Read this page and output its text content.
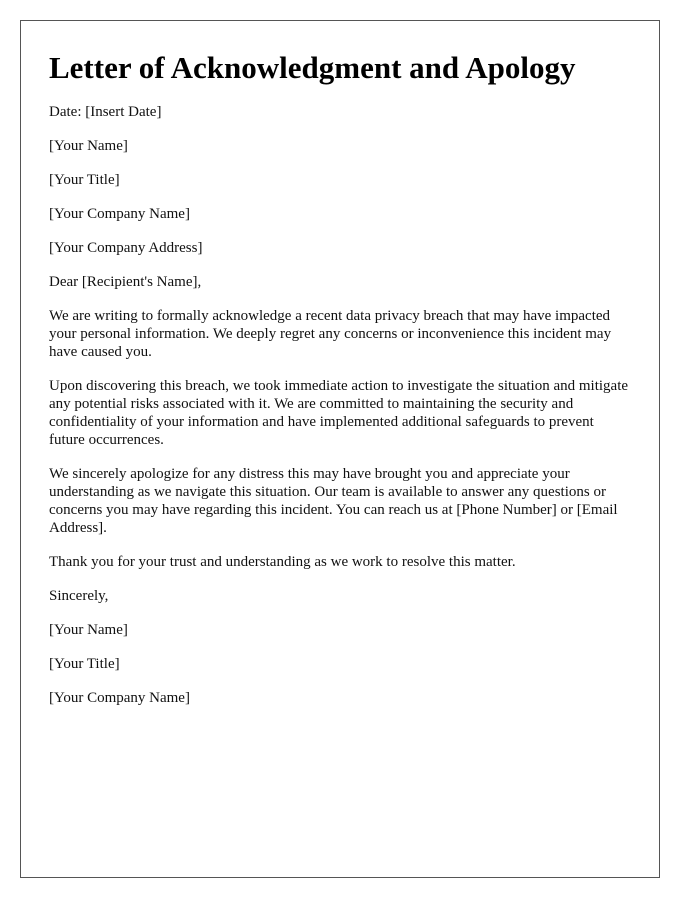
Letter of Acknowledgment and Apology

Date: [Insert Date]

[Your Name]

[Your Title]

[Your Company Name]

[Your Company Address]

Dear [Recipient's Name],

We are writing to formally acknowledge a recent data privacy breach that may have impacted your personal information. We deeply regret any concerns or inconvenience this incident may have caused you.

Upon discovering this breach, we took immediate action to investigate the situation and mitigate any potential risks associated with it. We are committed to maintaining the security and confidentiality of your information and have implemented additional safeguards to prevent future occurrences.

We sincerely apologize for any distress this may have brought you and appreciate your understanding as we navigate this situation. Our team is available to answer any questions or concerns you may have regarding this incident. You can reach us at [Phone Number] or [Email Address].

Thank you for your trust and understanding as we work to resolve this matter.

Sincerely,

[Your Name]

[Your Title]

[Your Company Name]
